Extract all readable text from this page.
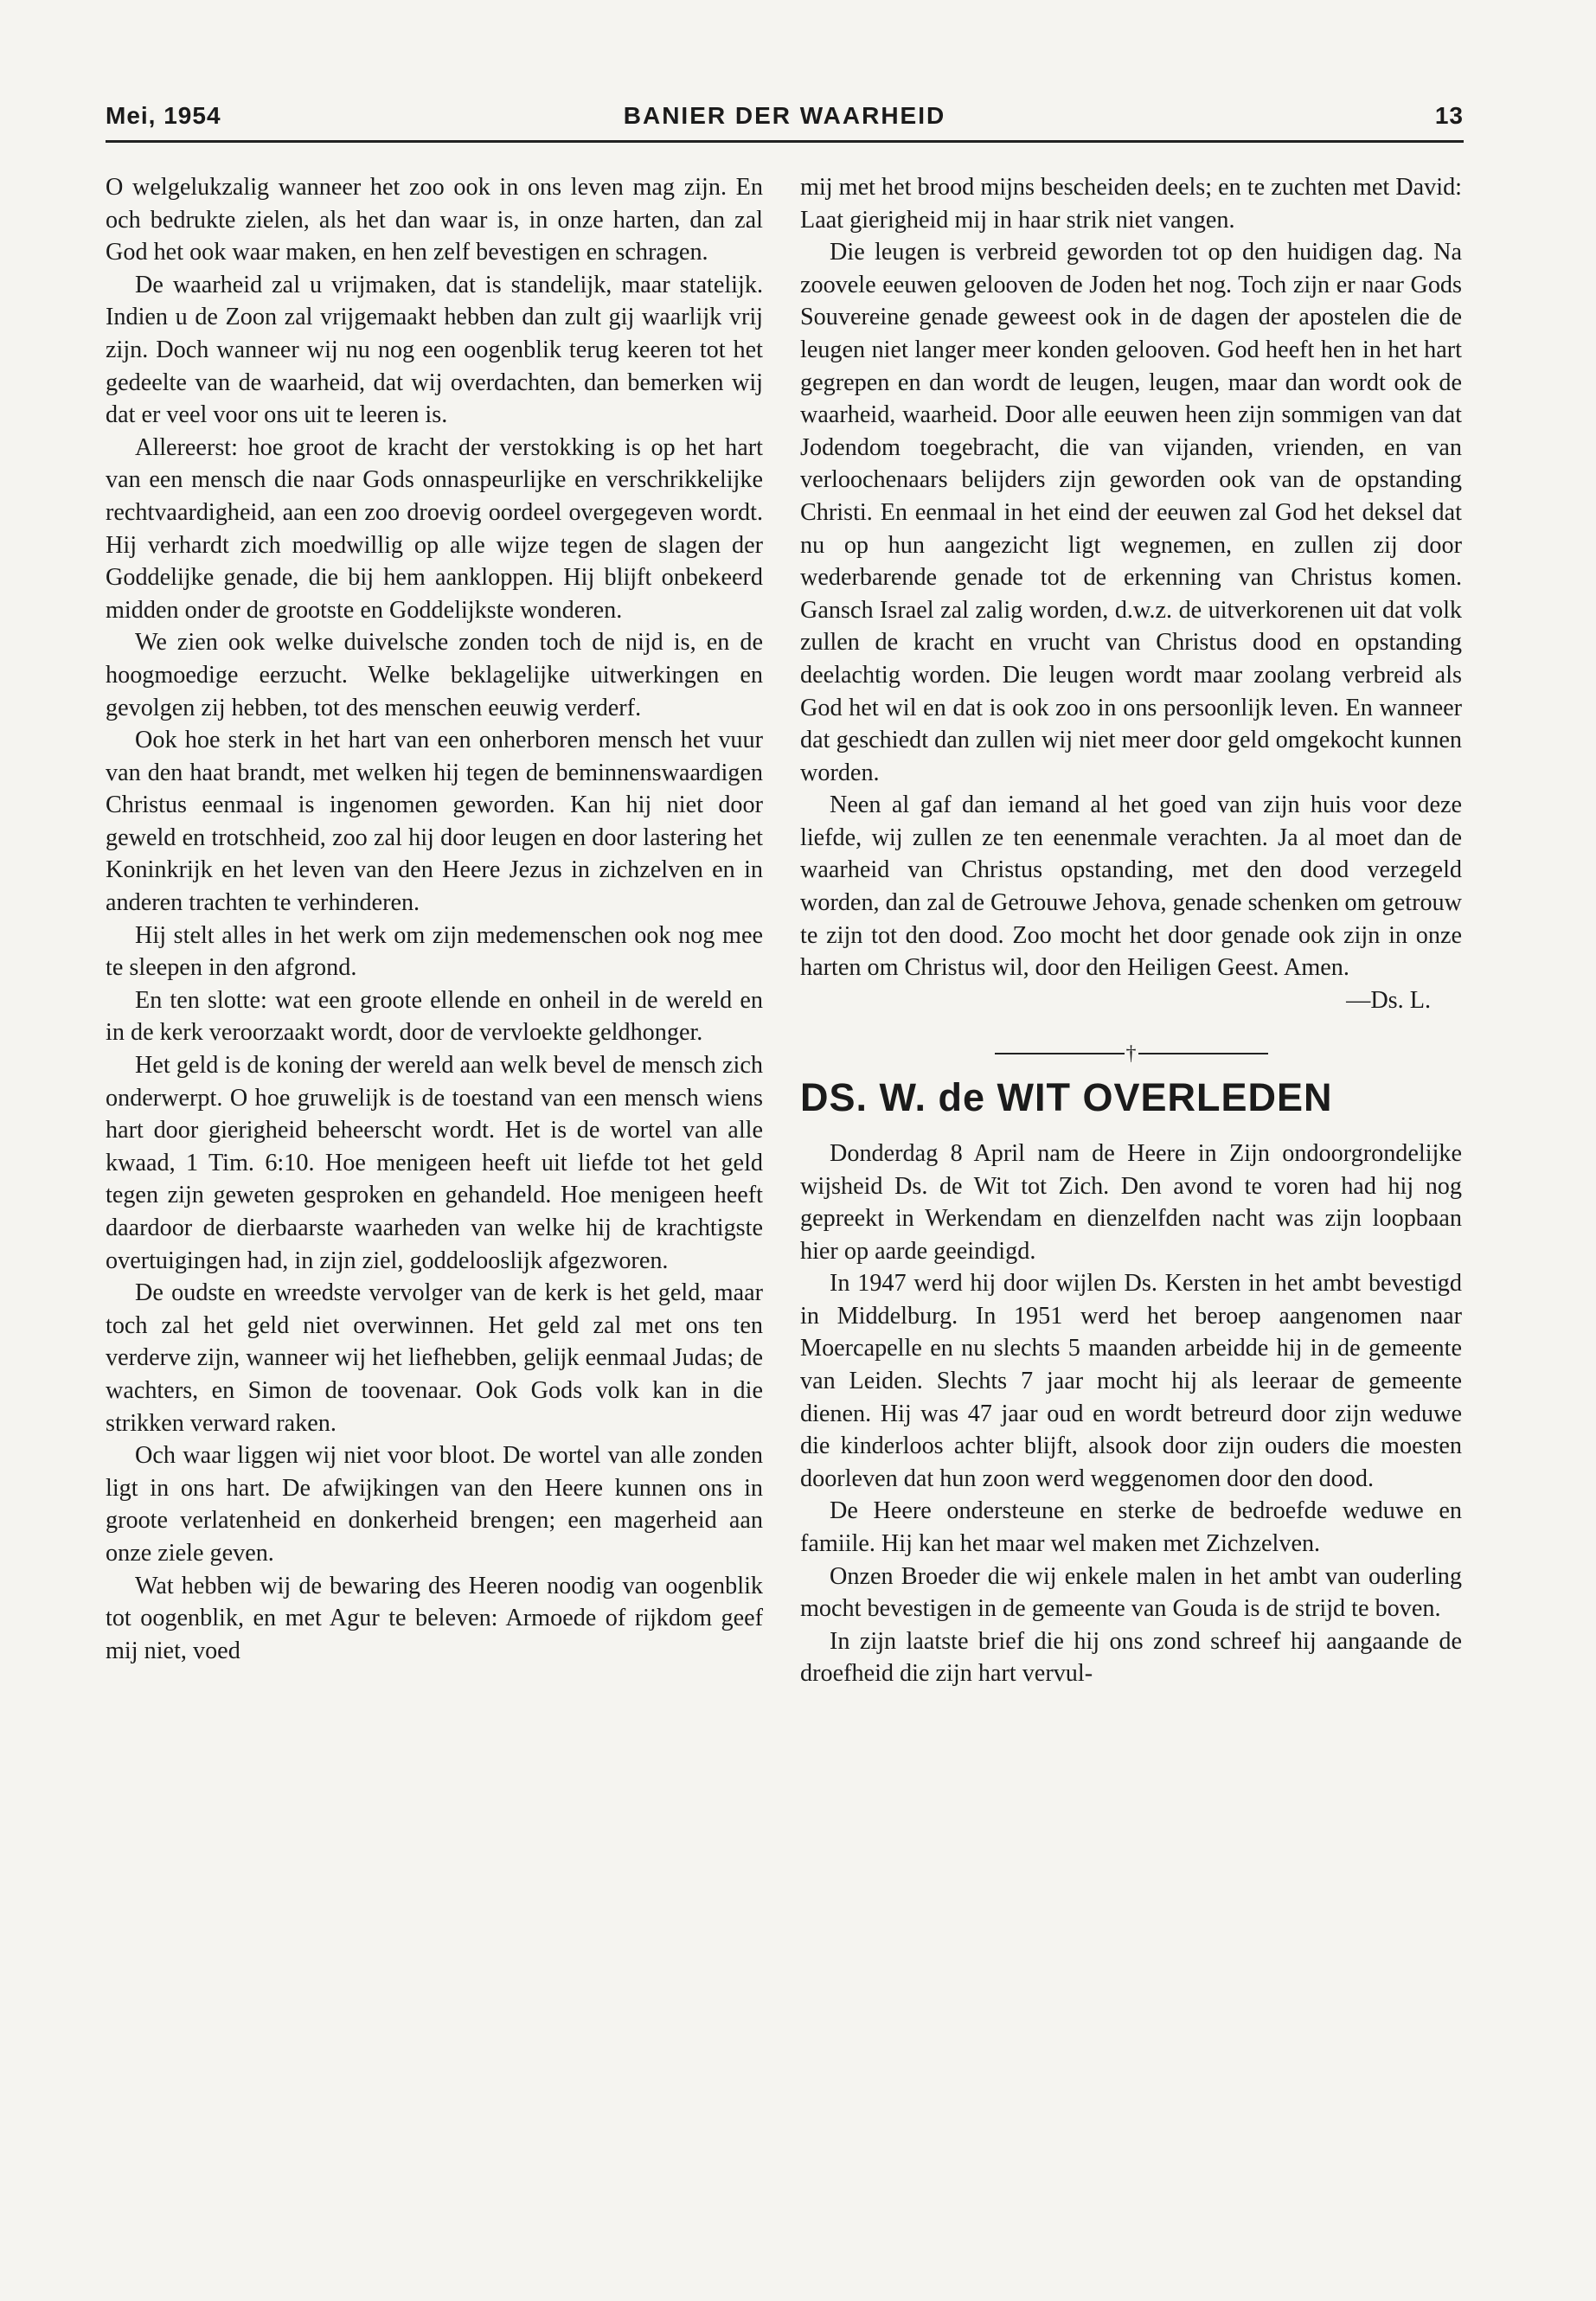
Mei, 1954	BANIER DER WAARHEID	13

O welgelukzalig wanneer het zoo ook in ons leven mag zijn. En och bedrukte zielen, als het dan waar is, in onze harten, dan zal God het ook waar maken, en hen zelf bevestigen en schragen.

De waarheid zal u vrijmaken, dat is standelijk, maar statelijk. Indien u de Zoon zal vrijgemaakt hebben dan zult gij waarlijk vrij zijn. Doch wanneer wij nu nog een oogenblik terug keeren tot het gedeelte van de waarheid, dat wij overdachten, dan bemerken wij dat er veel voor ons uit te leeren is.

Allereerst: hoe groot de kracht der verstokking is op het hart van een mensch die naar Gods onnaspeurlijke en verschrikkelijke rechtvaardigheid, aan een zoo droevig oordeel overgegeven wordt. Hij verhardt zich moedwillig op alle wijze tegen de slagen der Goddelijke genade, die bij hem aankloppen. Hij blijft onbekeerd midden onder de grootste en Goddelijkste wonderen.

We zien ook welke duivelsche zonden toch de nijd is, en de hoogmoedige eerzucht. Welke beklagelijke uitwerkingen en gevolgen zij hebben, tot des menschen eeuwig verderf.

Ook hoe sterk in het hart van een onherboren mensch het vuur van den haat brandt, met welken hij tegen de beminnenswaardigen Christus eenmaal is ingenomen geworden. Kan hij niet door geweld en trotschheid, zoo zal hij door leugen en door lastering het Koninkrijk en het leven van den Heere Jezus in zichzelven en in anderen trachten te verhinderen.

Hij stelt alles in het werk om zijn medemenschen ook nog mee te sleepen in den afgrond.

En ten slotte: wat een groote ellende en onheil in de wereld en in de kerk veroorzaakt wordt, door de vervloekte geldhonger.

Het geld is de koning der wereld aan welk bevel de mensch zich onderwerpt. O hoe gruwelijk is de toestand van een mensch wiens hart door gierigheid beheerscht wordt. Het is de wortel van alle kwaad, 1 Tim. 6:10. Hoe menigeen heeft uit liefde tot het geld tegen zijn geweten gesproken en gehandeld. Hoe menigeen heeft daardoor de dierbaarste waarheden van welke hij de krachtigste overtuigingen had, in zijn ziel, goddelooslijk afgezworen.

De oudste en wreedste vervolger van de kerk is het geld, maar toch zal het geld niet overwinnen. Het geld zal met ons ten verderve zijn, wanneer wij het liefhebben, gelijk eenmaal Judas; de wachters, en Simon de toovenaar. Ook Gods volk kan in die strikken verward raken.

Och waar liggen wij niet voor bloot. De wortel van alle zonden ligt in ons hart. De afwijkingen van den Heere kunnen ons in groote verlatenheid en donkerheid brengen; een magerheid aan onze ziele geven.

Wat hebben wij de bewaring des Heeren noodig van oogenblik tot oogenblik, en met Agur te beleven: Armoede of rijkdom geef mij niet, voed

mij met het brood mijns bescheiden deels; en te zuchten met David: Laat gierigheid mij in haar strik niet vangen.

Die leugen is verbreid geworden tot op den huidigen dag. Na zoovele eeuwen gelooven de Joden het nog. Toch zijn er naar Gods Souvereine genade geweest ook in de dagen der apostelen die de leugen niet langer meer konden gelooven. God heeft hen in het hart gegrepen en dan wordt de leugen, leugen, maar dan wordt ook de waarheid, waarheid. Door alle eeuwen heen zijn sommigen van dat Jodendom toegebracht, die van vijanden, vrienden, en van verloochenaars belijders zijn geworden ook van de opstanding Christi. En eenmaal in het eind der eeuwen zal God het deksel dat nu op hun aangezicht ligt wegnemen, en zullen zij door wederbarende genade tot de erkenning van Christus komen. Gansch Israel zal zalig worden, d.w.z. de uitverkorenen uit dat volk zullen de kracht en vrucht van Christus dood en opstanding deelachtig worden. Die leugen wordt maar zoolang verbreid als God het wil en dat is ook zoo in ons persoonlijk leven. En wanneer dat geschiedt dan zullen wij niet meer door geld omgekocht kunnen worden.

Neen al gaf dan iemand al het goed van zijn huis voor deze liefde, wij zullen ze ten eenenmale verachten. Ja al moet dan de waarheid van Christus opstanding, met den dood verzegeld worden, dan zal de Getrouwe Jehova, genade schenken om getrouw te zijn tot den dood. Zoo mocht het door genade ook zijn in onze harten om Christus wil, door den Heiligen Geest. Amen.

—Ds. L.
†
DS. W. de WIT OVERLEDEN

Donderdag 8 April nam de Heere in Zijn ondoorgrondelijke wijsheid Ds. de Wit tot Zich. Den avond te voren had hij nog gepreekt in Werkendam en dienzelfden nacht was zijn loopbaan hier op aarde geeindigd.

In 1947 werd hij door wijlen Ds. Kersten in het ambt bevestigd in Middelburg. In 1951 werd het beroep aangenomen naar Moercapelle en nu slechts 5 maanden arbeidde hij in de gemeente van Leiden. Slechts 7 jaar mocht hij als leeraar de gemeente dienen. Hij was 47 jaar oud en wordt betreurd door zijn weduwe die kinderloos achter blijft, alsook door zijn ouders die moesten doorleven dat hun zoon werd weggenomen door den dood.

De Heere ondersteune en sterke de bedroefde weduwe en famiile. Hij kan het maar wel maken met Zichzelven.

Onzen Broeder die wij enkele malen in het ambt van ouderling mocht bevestigen in de gemeente van Gouda is de strijd te boven.

In zijn laatste brief die hij ons zond schreef hij aangaande de droefheid die zijn hart vervul-
